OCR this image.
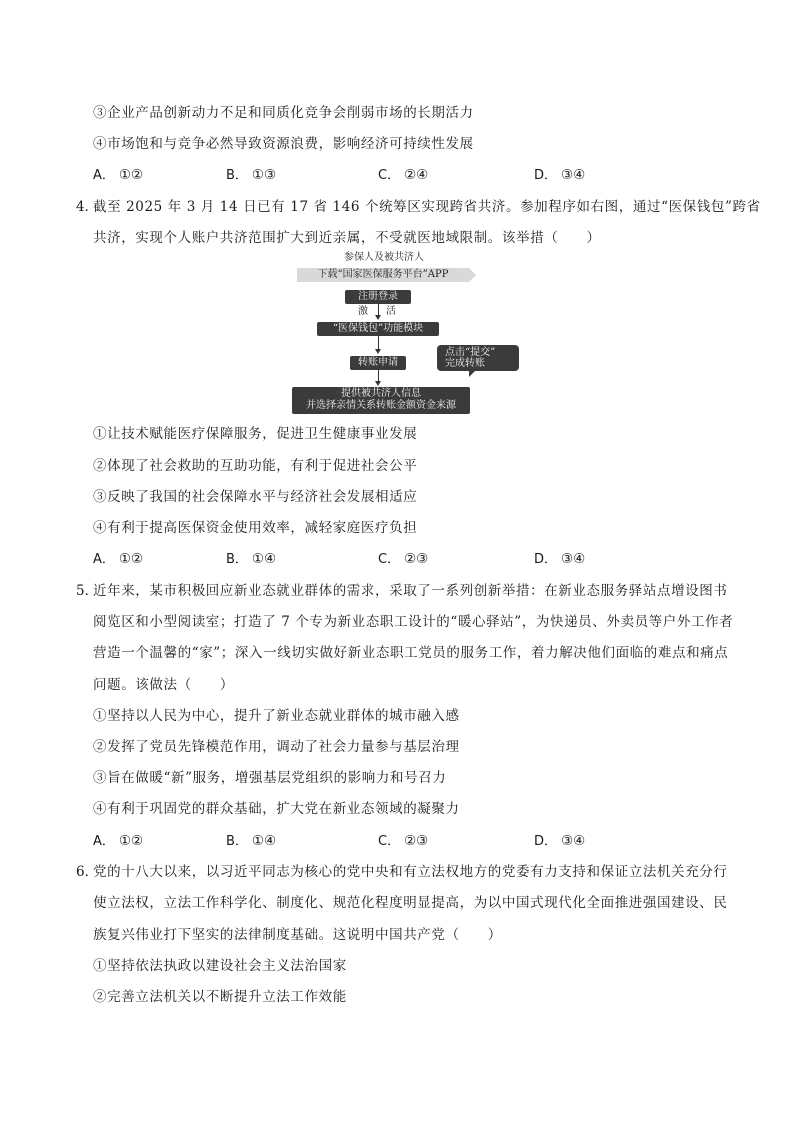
③企业产品创新动力不足和同质化竞争会削弱市场的长期活力
④市场饱和与竞争必然导致资源浪费，影响经济可持续性发展
A． ①②	B． ①③	C． ②④	D． ③④
4．
截至 2025 年 3 月 14 日已有 17 省 146 个统筹区实现跨省共济。参加程序如右图，通过“医保钱包”跨省
共济，实现个人账户共济范围扩大到近亲属，不受就医地域限制。该举措（　　）
参保人及被共济人
下载“国家医保服务平台”APP
注册登录
激 活
“医保钱包”功能模块
转账申请
点击“提交”
完成转账
提供被共济人信息
并选择亲情关系转账金额资金来源
①让技术赋能医疗保障服务，促进卫生健康事业发展
②体现了社会救助的互助功能，有利于促进社会公平
③反映了我国的社会保障水平与经济社会发展相适应
④有利于提高医保资金使用效率，减轻家庭医疗负担
A． ①②	B． ①④	C． ②③	D． ③④
5．
近年来，某市积极回应新业态就业群体的需求，采取了一系列创新举措：在新业态服务驿站点增设图书
阅览区和小型阅读室；打造了 7 个专为新业态职工设计的“暖心驿站”，为快递员、外卖员等户外工作者
营造一个温馨的“家”；深入一线切实做好新业态职工党员的服务工作，着力解决他们面临的难点和痛点
问题。该做法（　　）
①坚持以人民为中心，提升了新业态就业群体的城市融入感
②发挥了党员先锋模范作用，调动了社会力量参与基层治理
③旨在做暖“新”服务，增强基层党组织的影响力和号召力
④有利于巩固党的群众基础，扩大党在新业态领域的凝聚力
A． ①②	B． ①④	C． ②③	D． ③④
6．
党的十八大以来，以习近平同志为核心的党中央和有立法权地方的党委有力支持和保证立法机关充分行
使立法权，立法工作科学化、制度化、规范化程度明显提高，为以中国式现代化全面推进强国建设、民
族复兴伟业打下坚实的法律制度基础。这说明中国共产党（　　）
①坚持依法执政以建设社会主义法治国家
②完善立法机关以不断提升立法工作效能
